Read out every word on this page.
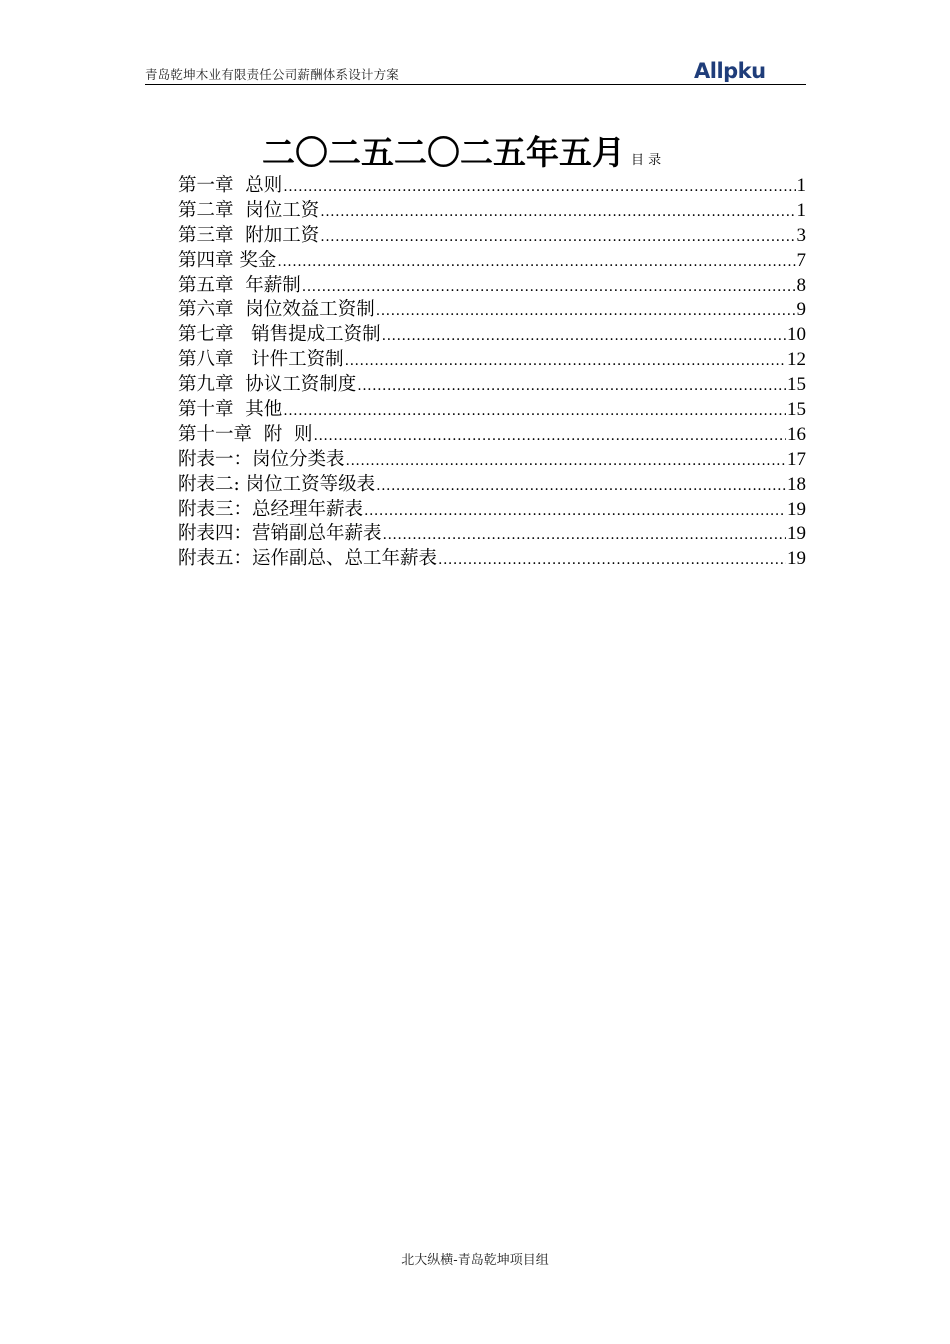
青岛乾坤木业有限责任公司薪酬体系设计方案	Allpku
二〇二五二〇二五年五月 目 录
第一章  总则 .....	1
第二章  岗位工资 .....	1
第三章  附加工资 .....	3
第四章 奖金 .....	7
第五章  年薪制 .....	8
第六章  岗位效益工资制 .....	9
第七章   销售提成工资制 .....	10
第八章   计件工资制 .....	12
第九章  协议工资制度 .....	15
第十章  其他 .....	15
第十一章  附  则 .....	16
附表一：岗位分类表 .....	17
附表二: 岗位工资等级表 .....	18
附表三：总经理年薪表 .....	19
附表四：营销副总年薪表 .....	19
附表五：运作副总、总工年薪表 .....	19
北大纵横-青岛乾坤项目组
